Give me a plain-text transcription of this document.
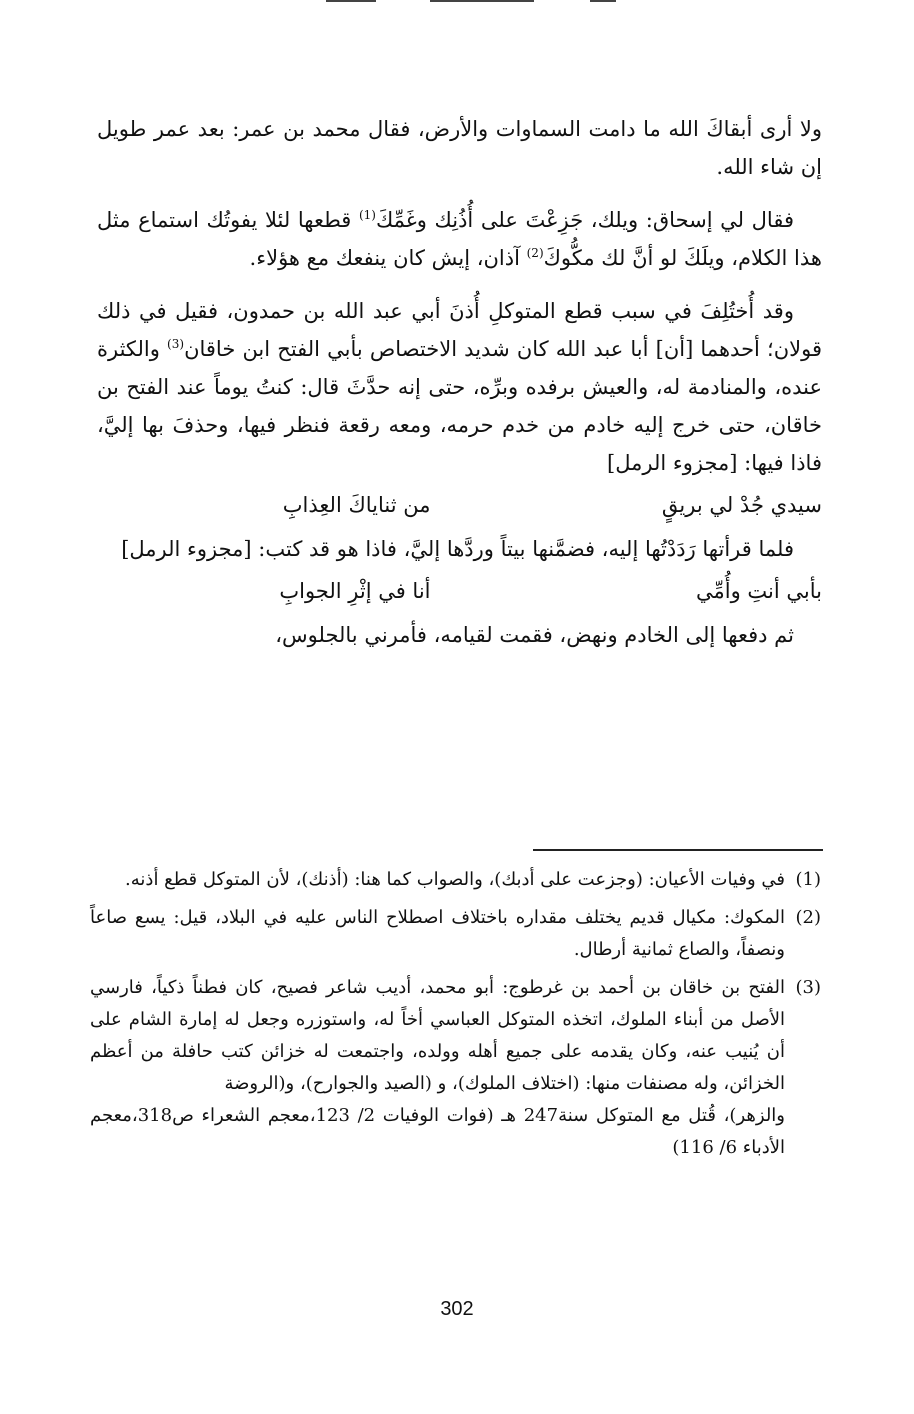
ولا أرى أبقاكَ الله ما دامت السماوات والأرض، فقال محمد بن عمر: بعد عمر طويل إن شاء الله.

فقال لي إسحاق: ويلك، جَزِعْتَ على أُذُنِك وغَمِّكَ$^{(1)}$ قطعها لئلا يفوتُك استماع مثل هذا الكلام، ويلَكَ لو أنَّ لك مكُّوكَ$^{(2)}$ آذان، إيش كان ينفعك مع هؤلاء.

وقد أُختُلِفَ في سبب قطع المتوكلِ أُذنَ أبي عبد الله بن حمدون، فقيل في ذلك قولان؛ أحدهما [أن] أبا عبد الله كان شديد الاختصاص بأبي الفتح ابن خاقان$^{(3)}$ والكثرة عنده، والمنادمة له، والعيش برفده وبرِّه، حتى إنه حدَّثَ قال: كنتُ يوماً عند الفتح بن خاقان، حتى خرج إليه خادم من خدم حرمه، ومعه رقعة فنظر فيها، وحذفَ بها إليَّ، فاذا فيها: [مجزوء الرمل]

سيدي جُدْ لي بريقٍ
من ثناياكَ العِذابِ

فلما قرأتها رَدَدْتُها إليه، فضمَّنها بيتاً وردَّها إليَّ، فاذا هو قد كتب: [مجزوء الرمل]

بأبي أنتِ وأُمِّي
أنا في إثْرِ الجوابِ

ثم دفعها إلى الخادم ونهض، فقمت لقيامه، فأمرني بالجلوس،

(1)

في وفيات الأعيان: (وجزعت على أدبك)، والصواب كما هنا: (أذنك)، لأن المتوكل قطع أذنه.

(2)

المكوك: مكيال قديم يختلف مقداره باختلاف اصطلاح الناس عليه في البلاد، قيل: يسع صاعاً ونصفاً، والصاع ثمانية أرطال.

(3)

الفتح بن خاقان بن أحمد بن غرطوج: أبو محمد، أديب شاعر فصيح، كان فطناً ذكياً، فارسي الأصل من أبناء الملوك، اتخذه المتوكل العباسي أخاً له، واستوزره وجعل له إمارة الشام على أن يُنيب عنه، وكان يقدمه على جميع أهله وولده، واجتمعت له خزائن كتب حافلة من أعظم الخزائن، وله مصنفات منها: (اختلاف الملوك)، و (الصيد والجوارح)، و(الروضة

والزهر)، قُتل مع المتوكل سنة247 هـ (فوات الوفيات 2/ 123،معجم الشعراء ص318،معجم الأدباء 6/ 116)

302
